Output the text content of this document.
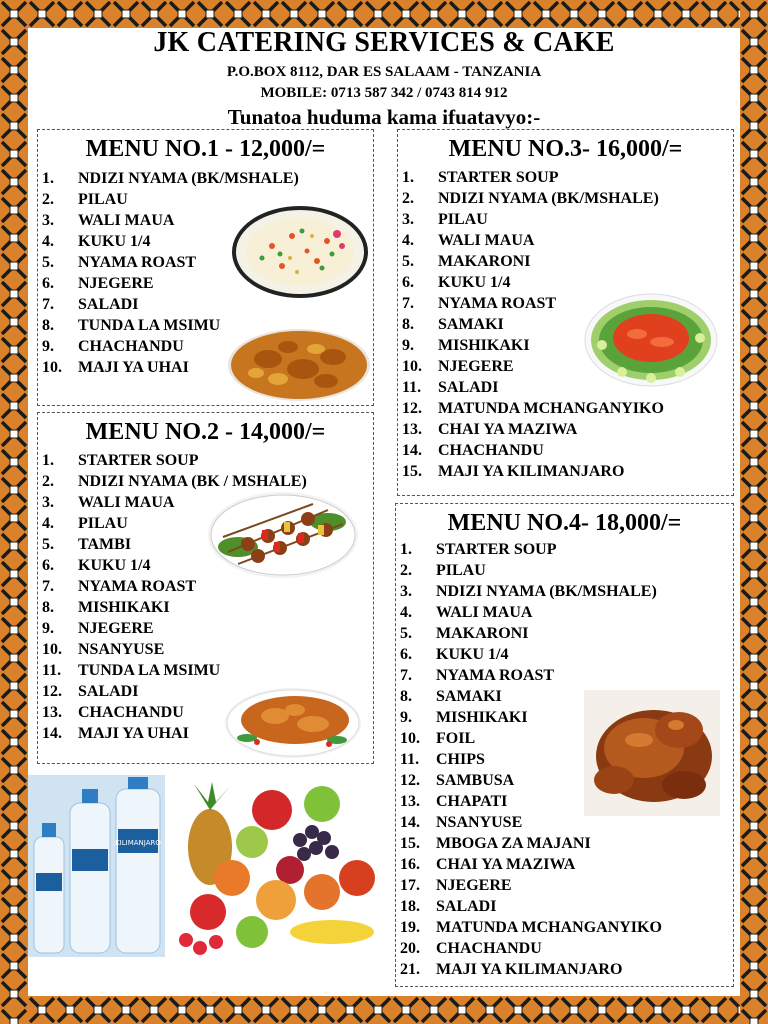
JK CATERING SERVICES & CAKE
P.O.BOX 8112, DAR ES SALAAM - TANZANIA
MOBILE: 0713 587 342 / 0743 814 912
Tunatoa huduma kama ifuatavyo:-
MENU NO.1 - 12,000/=
1.	NDIZI NYAMA (BK/MSHALE)
2.	PILAU
3.	WALI MAUA
4.	KUKU 1/4
5.	NYAMA ROAST
6.	NJEGERE
7.	SALADI
8.	TUNDA LA MSIMU
9.	CHACHANDU
10.	MAJI YA UHAI
MENU NO.2 - 14,000/=
1.	STARTER SOUP
2.	NDIZI NYAMA (BK / MSHALE)
3.	WALI MAUA
4.	PILAU
5.	TAMBI
6.	KUKU 1/4
7.	NYAMA ROAST
8.	MISHIKAKI
9.	NJEGERE
10.	NSANYUSE
11.	TUNDA LA MSIMU
12.	SALADI
13.	CHACHANDU
14.	MAJI YA UHAI
MENU NO.3- 16,000/=
1.	STARTER SOUP
2.	NDIZI NYAMA (BK/MSHALE)
3.	PILAU
4.	WALI MAUA
5.	MAKARONI
6.	KUKU 1/4
7.	NYAMA ROAST
8.	SAMAKI
9.	MISHIKAKI
10.	NJEGERE
11.	SALADI
12.	MATUNDA MCHANGANYIKO
13.	CHAI YA MAZIWA
14.	CHACHANDU
15.	MAJI YA KILIMANJARO
MENU NO.4- 18,000/=
1.	STARTER SOUP
2.	PILAU
3.	NDIZI NYAMA (BK/MSHALE)
4.	WALI MAUA
5.	MAKARONI
6.	KUKU 1/4
7.	NYAMA ROAST
8.	SAMAKI
9.	MISHIKAKI
10.	FOIL
11.	CHIPS
12.	SAMBUSA
13.	CHAPATI
14.	NSANYUSE
15.	MBOGA ZA MAJANI
16.	CHAI YA MAZIWA
17.	NJEGERE
18.	SALADI
19.	MATUNDA MCHANGANYIKO
20.	CHACHANDU
21.	MAJI YA KILIMANJARO
KILIMANJARO
